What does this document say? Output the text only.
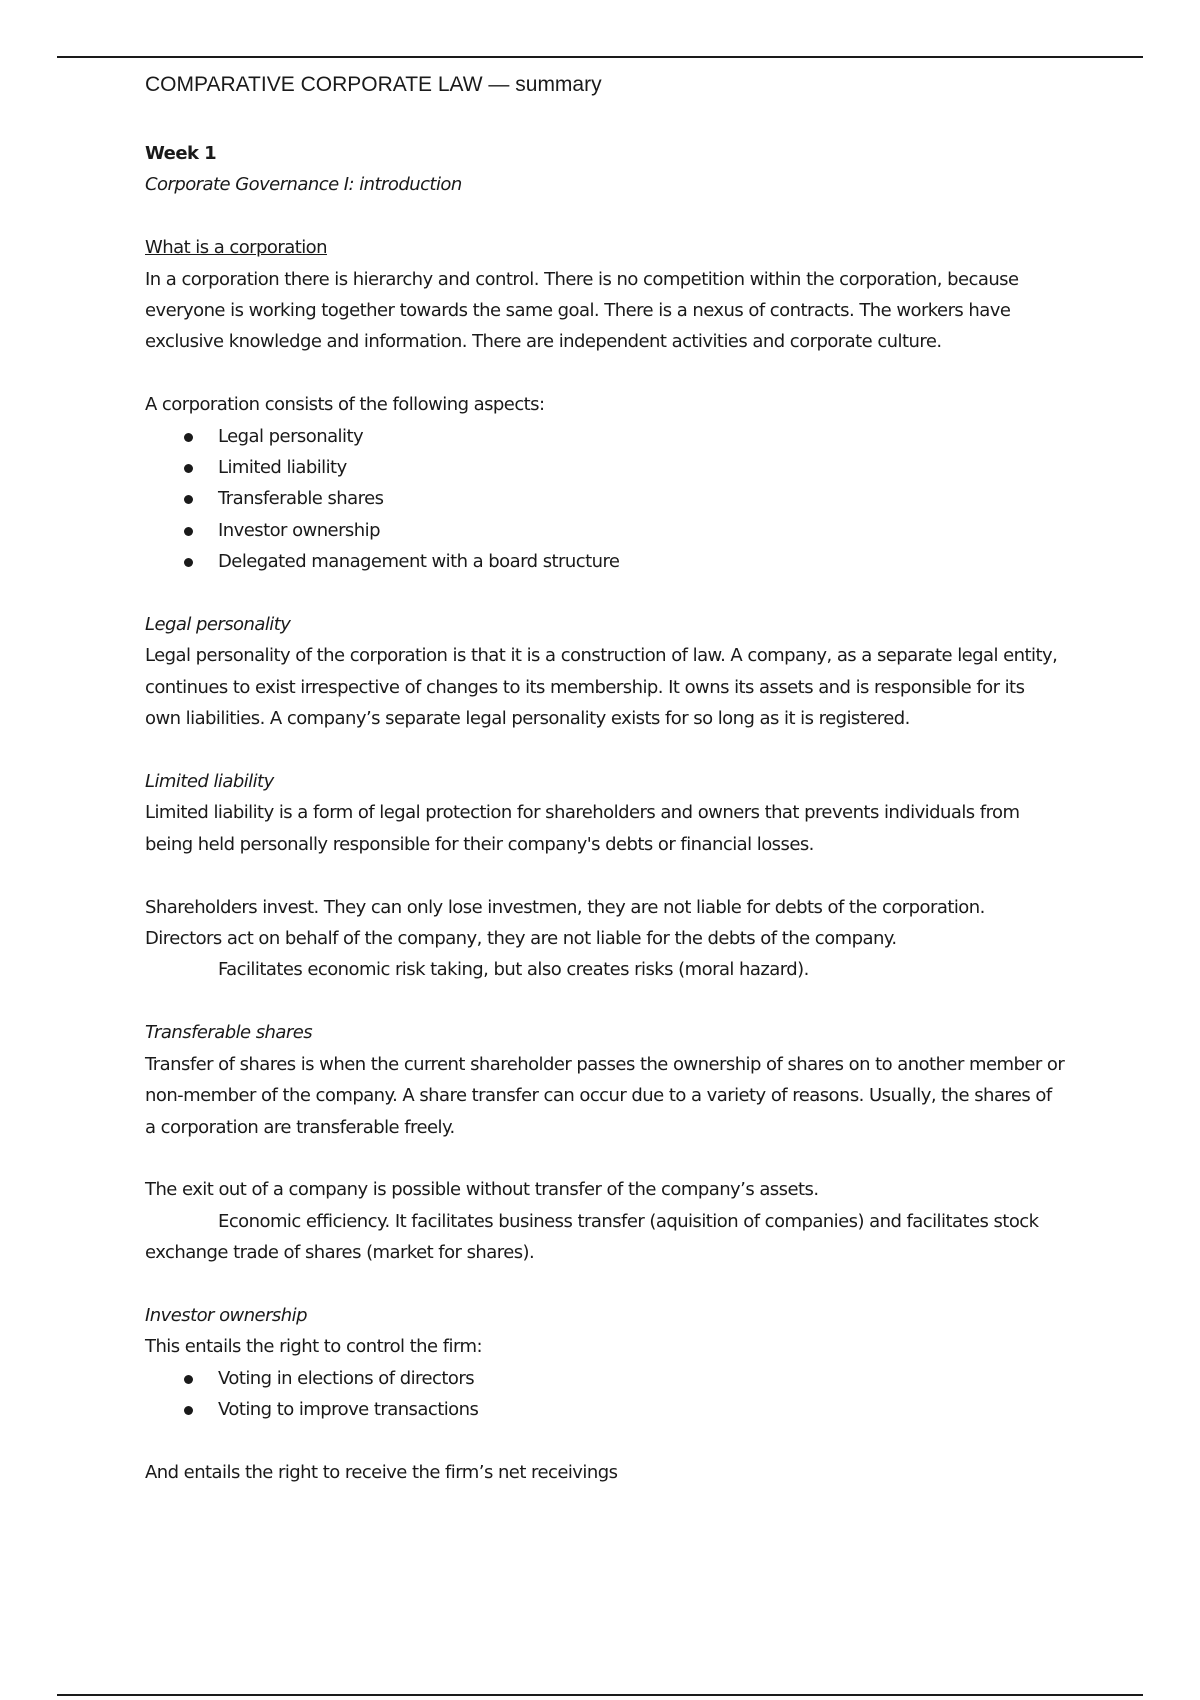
COMPARATIVE CORPORATE LAW — summary

Week 1

Corporate Governance I: introduction

What is a corporation

In a corporation there is hierarchy and control. There is no competition within the corporation, because everyone is working together towards the same goal. There is a nexus of contracts. The workers have exclusive knowledge and information. There are independent activities and corporate culture.

A corporation consists of the following aspects:

Legal personality
Limited liability
Transferable shares
Investor ownership
Delegated management with a board structure

Legal personality

Legal personality of the corporation is that it is a construction of law. A company, as a separate legal entity, continues to exist irrespective of changes to its membership. It owns its assets and is responsible for its own liabilities. A company’s separate legal personality exists for so long as it is registered.

Limited liability

Limited liability is a form of legal protection for shareholders and owners that prevents individuals from being held personally responsible for their company's debts or financial losses.

Shareholders invest. They can only lose investmen, they are not liable for debts of the corporation. Directors act on behalf of the company, they are not liable for the debts of the company.

Facilitates economic risk taking, but also creates risks (moral hazard).

Transferable shares

Transfer of shares is when the current shareholder passes the ownership of shares on to another member or non-member of the company. A share transfer can occur due to a variety of reasons. Usually, the shares of a corporation are transferable freely.

The exit out of a company is possible without transfer of the company’s assets.

Economic efficiency. It facilitates business transfer (aquisition of companies) and facilitates stock exchange trade of shares (market for shares).

Investor ownership

This entails the right to control the firm:

Voting in elections of directors
Voting to improve transactions

And entails the right to receive the firm’s net receivings
